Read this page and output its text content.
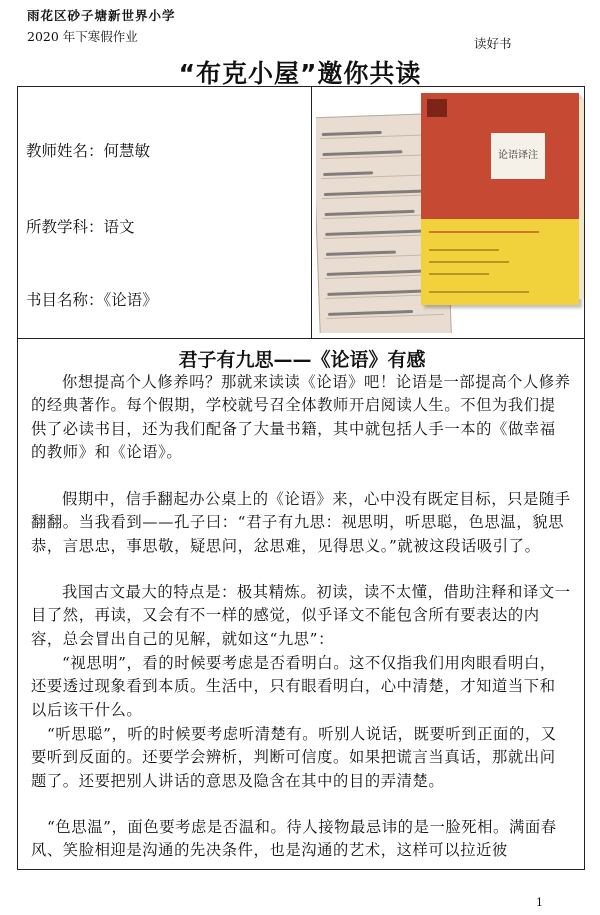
雨花区砂子塘新世界小学
2020 年下寒假作业	读好书
“布克小屋”邀你共读
教师姓名：何慧敏
所教学科：语文
书目名称：《论语》
论语译注
君子有九思——《论语》有感

你想提高个人修养吗？那就来读读《论语》吧！论语是一部提高个人修养的经典著作。每个假期，学校就号召全体教师开启阅读人生。不但为我们提供了必读书目，还为我们配备了大量书籍，其中就包括人手一本的《做幸福的教师》和《论语》。

假期中，信手翻起办公桌上的《论语》来，心中没有既定目标，只是随手翻翻。当我看到——孔子曰：“君子有九思：视思明，听思聪，色思温，貌思恭，言思忠，事思敬，疑思问，忿思难，见得思义。”就被这段话吸引了。

我国古文最大的特点是：极其精炼。初读，读不太懂，借助注释和译文一目了然，再读，又会有不一样的感觉，似乎译文不能包含所有要表达的内容，总会冒出自己的见解，就如这“九思”：

“视思明”，看的时候要考虑是否看明白。这不仅指我们用肉眼看明白，还要透过现象看到本质。生活中，只有眼看明白，心中清楚，才知道当下和以后该干什么。

“听思聪”，听的时候要考虑听清楚有。听别人说话，既要听到正面的，又要听到反面的。还要学会辨析，判断可信度。如果把谎言当真话，那就出问题了。还要把别人讲话的意思及隐含在其中的目的弄清楚。

“色思温”，面色要考虑是否温和。待人接物最忌讳的是一脸死相。满面春风、笑脸相迎是沟通的先决条件，也是沟通的艺术，这样可以拉近彼

1
